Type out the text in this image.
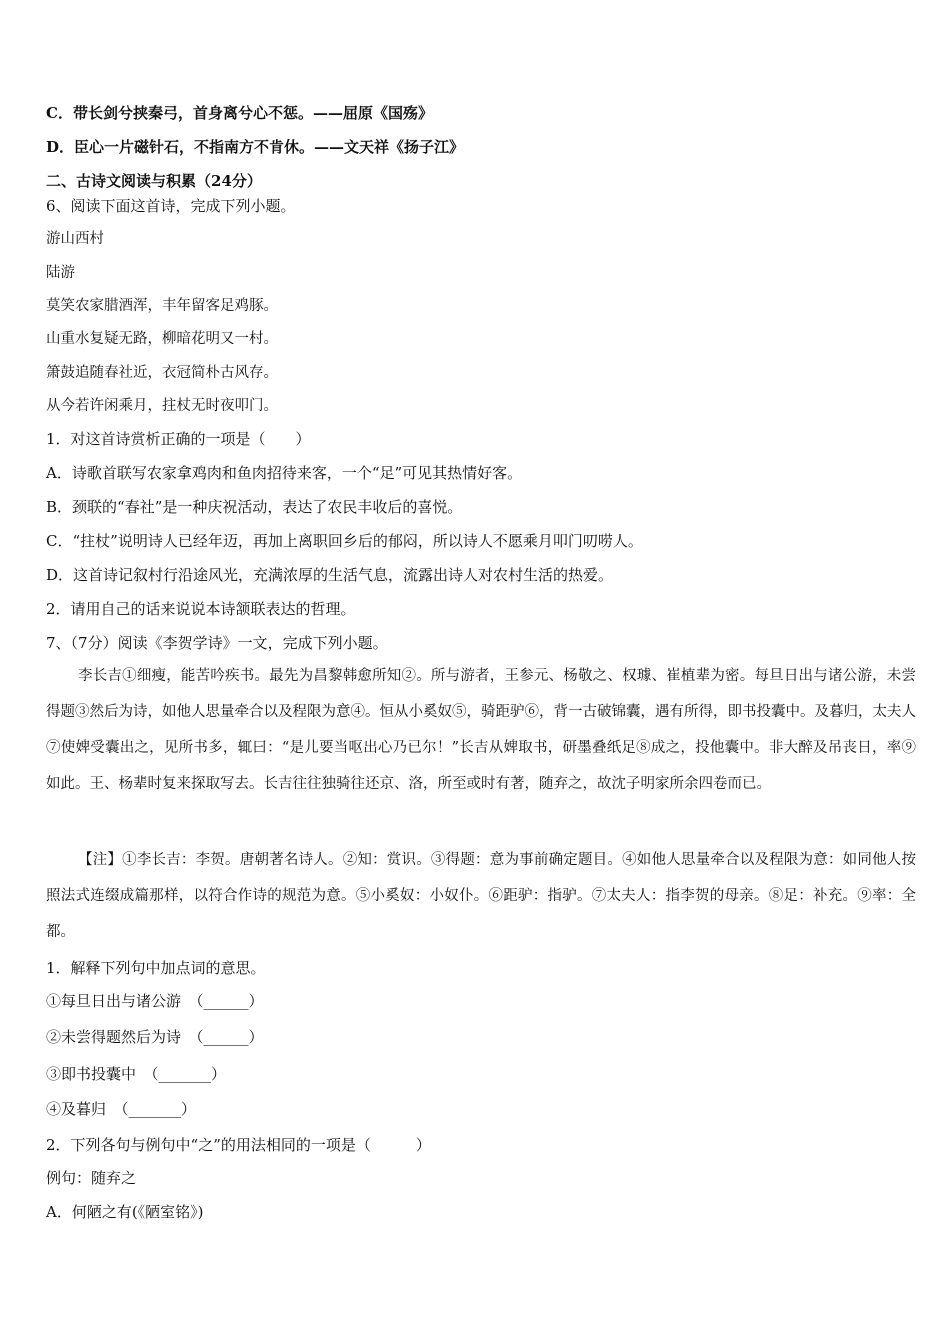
C．带长剑兮挟秦弓，首身离兮心不惩。——屈原《国殇》
D．臣心一片磁针石，不指南方不肯休。——文天祥《扬子江》
二、古诗文阅读与积累（24分）
6、阅读下面这首诗，完成下列小题。
游山西村
陆游
莫笑农家腊酒浑，丰年留客足鸡豚。
山重水复疑无路，柳暗花明又一村。
箫鼓追随春社近，衣冠简朴古风存。
从今若许闲乘月，拄杖无时夜叩门。
1．对这首诗赏析正确的一项是（　　）
A．诗歌首联写农家拿鸡肉和鱼肉招待来客，一个“足”可见其热情好客。
B．颈联的“春社”是一种庆祝活动，表达了农民丰收后的喜悦。
C．“拄杖”说明诗人已经年迈，再加上离职回乡后的郁闷，所以诗人不愿乘月叩门叨唠人。
D．这首诗记叙村行沿途风光，充满浓厚的生活气息，流露出诗人对农村生活的热爱。
2．请用自己的话来说说本诗颔联表达的哲理。
7、（7分）阅读《李贺学诗》一文，完成下列小题。
李长吉①细瘦，能苦吟疾书。最先为昌黎韩愈所知②。所与游者，王参元、杨敬之、权璩、崔植辈为密。每旦日出与诸公游，未尝得题③然后为诗，如他人思量牵合以及程限为意④。恒从小奚奴⑤，骑距驴⑥，背一古破锦囊，遇有所得，即书投囊中。及暮归，太夫人⑦使婢受囊出之，见所书多，辄曰：“是儿要当呕出心乃已尔！”长吉从婢取书，研墨叠纸足⑧成之，投他囊中。非大醉及吊丧日，率⑨如此。王、杨辈时复来探取写去。长吉往往独骑往还京、洛，所至或时有著，随弃之，故沈子明家所余四卷而已。
【注】①李长吉：李贺。唐朝著名诗人。②知：赏识。③得题：意为事前确定题目。④如他人思量牵合以及程限为意：如同他人按照法式连缀成篇那样，以符合作诗的规范为意。⑤小奚奴：小奴仆。⑥距驴：指驴。⑦太夫人：指李贺的母亲。⑧足：补充。⑨率：全都。
1．解释下列句中加点词的意思。
①每旦日出与诸公游　（______）
②未尝得题然后为诗　（______）
③即书投囊中　（_______）
④及暮归　（_______）
2．下列各句与例句中“之”的用法相同的一项是（　　　）
例句：随弃之
A．何陋之有(《陋室铭》)
